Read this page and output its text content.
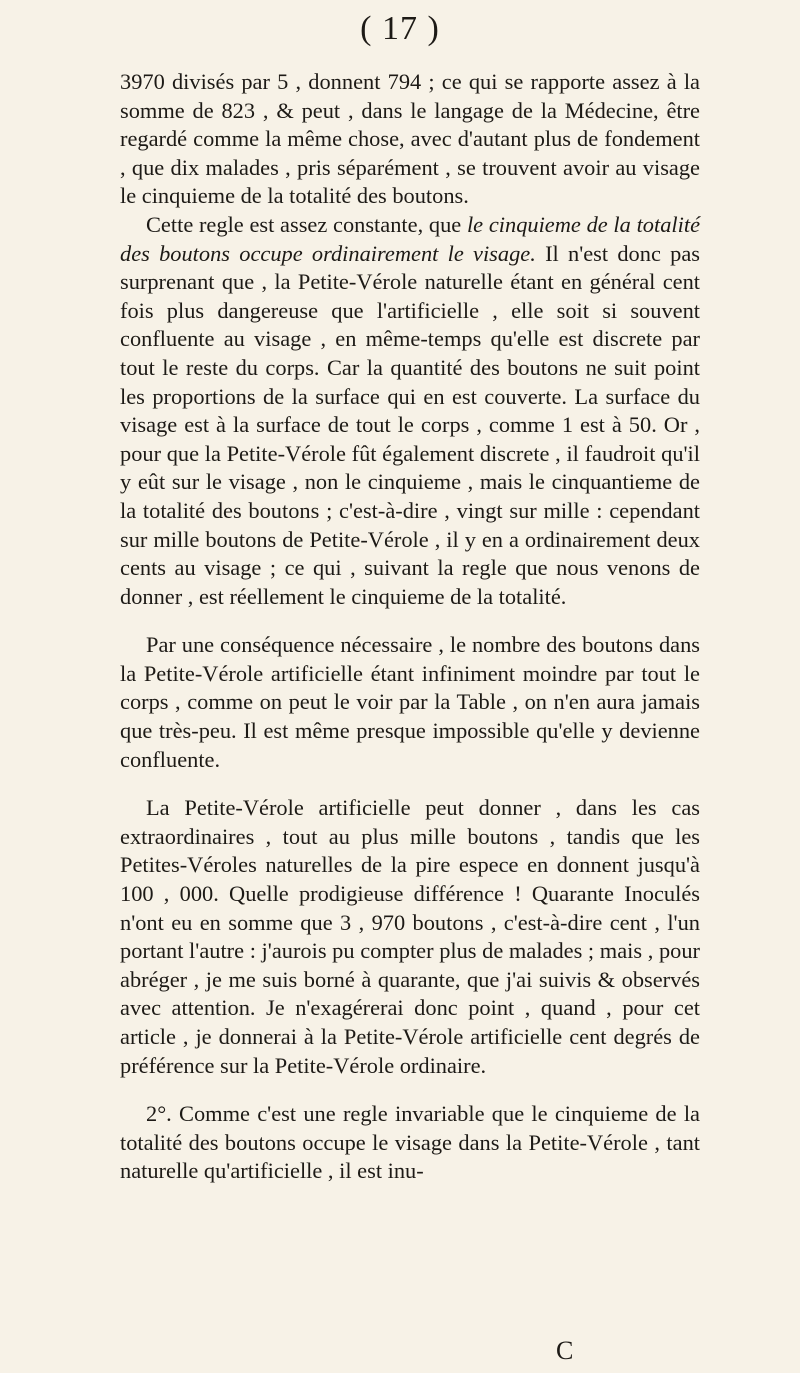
( 17 )

3970 divisés par 5 , donnent 794 ; ce qui se rapporte assez à la somme de 823 , & peut , dans le langage de la Médecine, être regardé comme la même chose, avec d'autant plus de fondement , que dix malades , pris séparément , se trouvent avoir au visage le cinquieme de la totalité des boutons.

Cette regle est assez constante, que le cinquieme de la totalité des boutons occupe ordinairement le visage. Il n'est donc pas surprenant que , la Petite-Vérole naturelle étant en général cent fois plus dangereuse que l'artificielle , elle soit si souvent confluente au visage , en même-temps qu'elle est discrete par tout le reste du corps. Car la quantité des boutons ne suit point les proportions de la surface qui en est couverte. La surface du visage est à la surface de tout le corps , comme 1 est à 50. Or , pour que la Petite-Vérole fût également discrete , il faudroit qu'il y eût sur le visage , non le cinquieme , mais le cinquantieme de la totalité des boutons ; c'est-à-dire , vingt sur mille : cependant sur mille boutons de Petite-Vérole , il y en a ordinairement deux cents au visage ; ce qui , suivant la regle que nous venons de donner , est réellement le cinquieme de la totalité.

Par une conséquence nécessaire , le nombre des boutons dans la Petite-Vérole artificielle étant infiniment moindre par tout le corps , comme on peut le voir par la Table , on n'en aura jamais que très-peu. Il est même presque impossible qu'elle y devienne confluente.

La Petite-Vérole artificielle peut donner , dans les cas extraordinaires , tout au plus mille boutons , tandis que les Petites-Véroles naturelles de la pire espece en donnent jusqu'à 100 , 000. Quelle prodigieuse différence ! Quarante Inoculés n'ont eu en somme que 3 , 970 boutons , c'est-à-dire cent , l'un portant l'autre : j'aurois pu compter plus de malades ; mais , pour abréger , je me suis borné à quarante, que j'ai suivis & observés avec attention. Je n'exagérerai donc point , quand , pour cet article , je donnerai à la Petite-Vérole artificielle cent degrés de préférence sur la Petite-Vérole ordinaire.

2°. Comme c'est une regle invariable que le cinquieme de la totalité des boutons occupe le visage dans la Petite-Vérole , tant naturelle qu'artificielle , il est inu-

C
